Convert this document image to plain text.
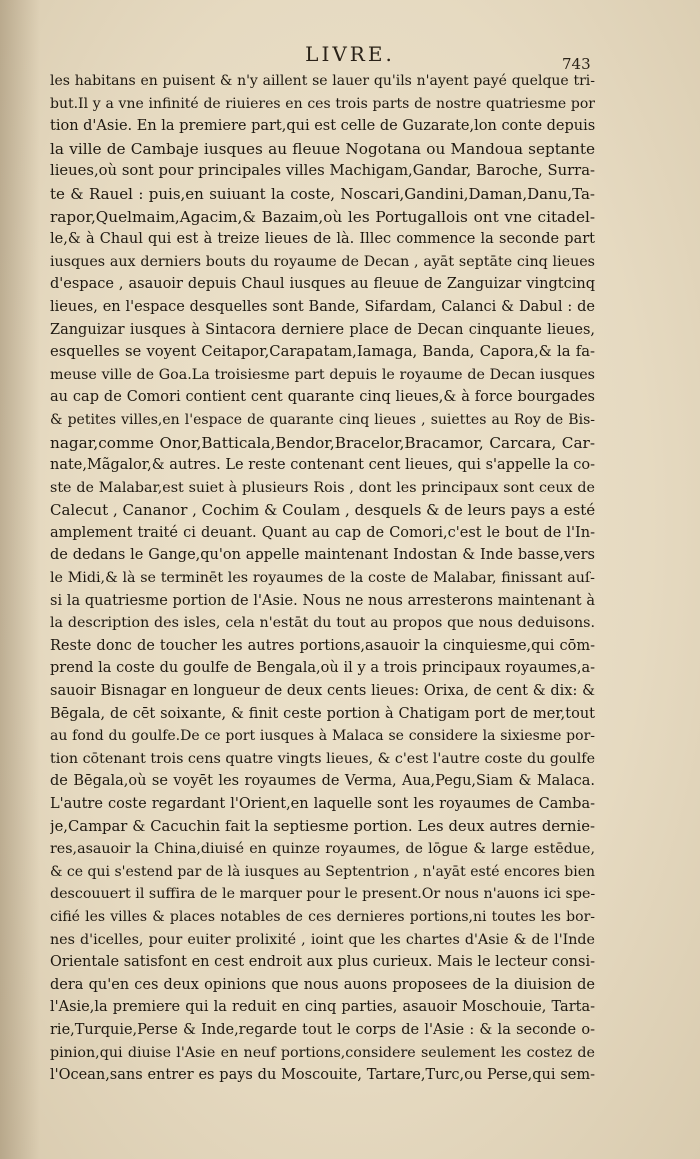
LIVRE.	743
les habitans en puisent & n'y aillent se lauer qu'ils n'ayent payé quelque tri-
but.Il y a vne infinité de riuieres en ces trois parts de nostre quatriesme por
tion d'Asie. En la premiere part,qui est celle de Guzarate,lon conte depuis
la ville de Cambaje iusques au fleuue Nogotana ou Mandoua septante
lieues,où sont pour principales villes Machigam,Gandar, Baroche, Surra-
te & Rauel : puis,en suiuant la coste, Noscari,Gandini,Daman,Danu,Ta-
rapor,Quelmaim,Agacim,& Bazaim,où les Portugallois ont vne citadel-
le,& à Chaul qui est à treize lieues de là. Illec commence la seconde part
iusques aux derniers bouts du royaume de Decan , ayāt septāte cinq lieues
d'espace , asauoir depuis Chaul iusques au fleuue de Zanguizar vingtcinq
lieues, en l'espace desquelles sont Bande, Sifardam, Calanci & Dabul : de
Zanguizar iusques à Sintacora derniere place de Decan cinquante lieues,
esquelles se voyent Ceitapor,Carapatam,Iamaga, Banda, Capora,& la fa-
meuse ville de Goa.La troisiesme part depuis le royaume de Decan iusques
au cap de Comori contient cent quarante cinq lieues,& à force bourgades
& petites villes,en l'espace de quarante cinq lieues , suiettes au Roy de Bis-
nagar,comme Onor,Batticala,Bendor,Bracelor,Bracamor, Carcara, Car-
nate,Mãgalor,& autres. Le reste contenant cent lieues, qui s'appelle la co-
ste de Malabar,est suiet à plusieurs Rois , dont les principaux sont ceux de
Calecut , Cananor , Cochim & Coulam , desquels & de leurs pays a esté
amplement traité ci deuant. Quant au cap de Comori,c'est le bout de l'In-
de dedans le Gange,qu'on appelle maintenant Indostan & Inde basse,vers
le Midi,& là se terminēt les royaumes de la coste de Malabar, finissant auſ-
si la quatriesme portion de l'Asie. Nous ne nous arresterons maintenant à
la description des isles, cela n'estāt du tout au propos que nous deduisons.
Reste donc de toucher les autres portions,asauoir la cinquiesme,qui cōm-
prend la coste du goulfe de Bengala,où il y a trois principaux royaumes,a-
sauoir Bisnagar en longueur de deux cents lieues: Orixa, de cent & dix: &
Bēgala, de cēt soixante, & finit ceste portion à Chatigam port de mer,tout
au fond du goulfe.De ce port iusques à Malaca se considere la sixiesme por-
tion cōtenant trois cens quatre vingts lieues, & c'est l'autre coste du goulfe
de Bēgala,où se voyēt les royaumes de Verma, Aua,Pegu,Siam & Malaca.
L'autre coste regardant l'Orient,en laquelle sont les royaumes de Camba-
je,Campar & Cacuchin fait la septiesme portion. Les deux autres dernie-
res,asauoir la China,diuisé en quinze royaumes, de lōgue & large estēdue,
& ce qui s'estend par de là iusques au Septentrion , n'ayāt esté encores bien
descouuert il suffira de le marquer pour le present.Or nous n'auons ici spe-
cifié les villes & places notables de ces dernieres portions,ni toutes les bor-
nes d'icelles, pour euiter prolixité , ioint que les chartes d'Asie & de l'Inde
Orientale satisfont en cest endroit aux plus curieux. Mais le lecteur consi-
dera qu'en ces deux opinions que nous auons proposees de la diuision de
l'Asie,la premiere qui la reduit en cinq parties, asauoir Moschouie, Tarta-
rie,Turquie,Perse & Inde,regarde tout le corps de l'Asie : & la seconde o-
pinion,qui diuise l'Asie en neuf portions,considere seulement les costez de
l'Ocean,sans entrer es pays du Moscouite, Tartare,Turc,ou Perse,qui sem-
